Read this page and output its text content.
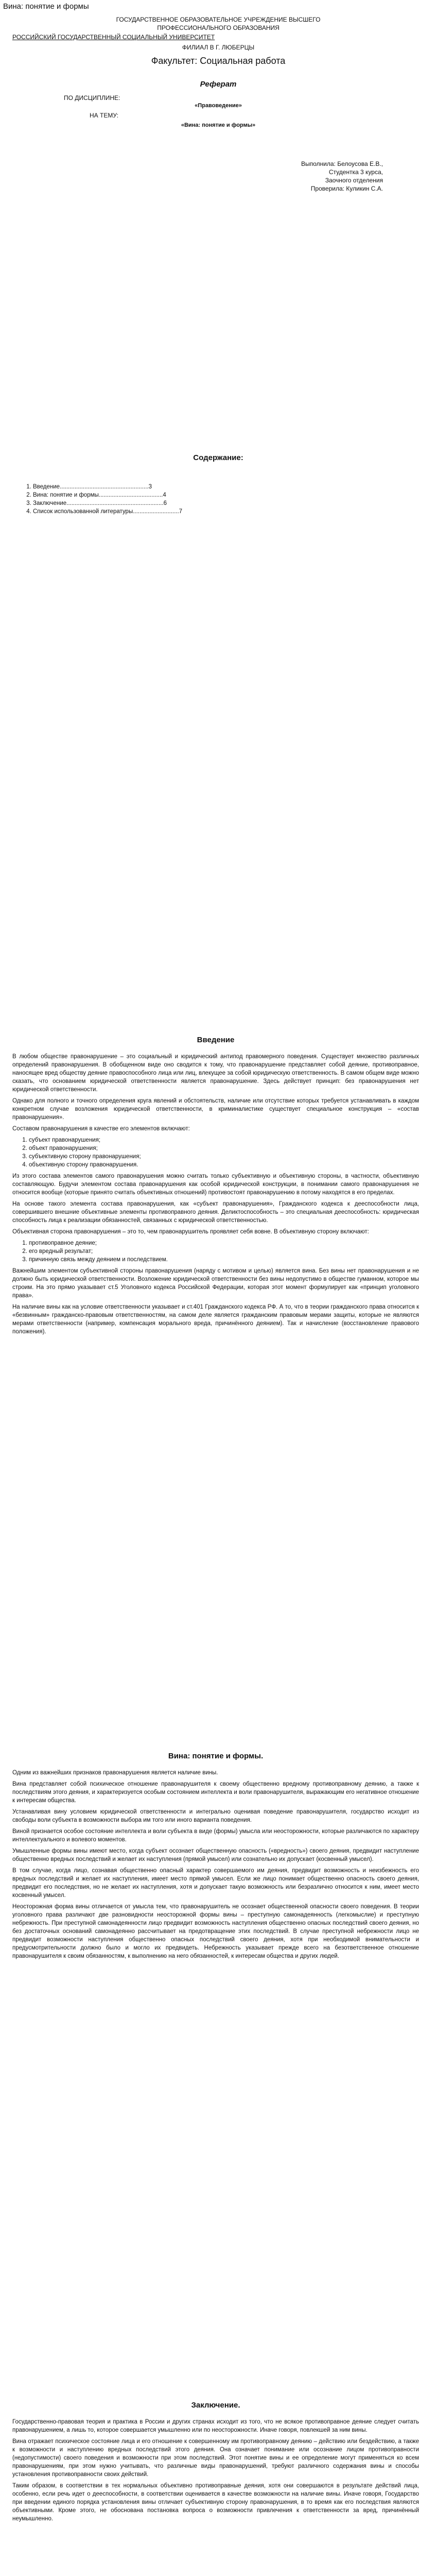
Вина: понятие и формы
ГОСУДАРСТВЕННОЕ ОБРАЗОВАТЕЛЬНОЕ УЧРЕЖДЕНИЕ ВЫСШЕГО
ПРОФЕССИОНАЛЬНОГО ОБРАЗОВАНИЯ
РОССИЙСКИЙ ГОСУДАРСТВЕННЫЙ СОЦИАЛЬНЫЙ УНИВЕРСИТЕТ
ФИЛИАЛ В Г. ЛЮБЕРЦЫ
Факультет: Социальная работа
Реферат
ПО ДИСЦИПЛИНЕ:
«Правоведение»
НА ТЕМУ:
«Вина: понятие и формы»
Выполнила: Белоусова Е.В.,
Студентка 3 курса,
Заочного отделения
Проверила: Куликин С.А.
Содержание:
1. Введение......................................................3
2. Вина: понятие и формы.......................................4
3. Заключение...........................................................6
4. Список использованной литературы............................7
Введение

В любом обществе правонарушение – это социальный и юридический антипод правомерного поведения. Существует множество различных определений правонарушения. В обобщенном виде оно сводится к тому, что правонарушение представляет собой деяние, противоправное, наносящее вред обществу деяние правоспособного лица или лиц, влекущее за собой юридическую ответственность. В самом общем виде можно сказать, что основанием юридической ответственности является правонарушение. Здесь действует принцип: без правонарушения нет юридической ответственности.

Однако для полного и точного определения круга явлений и обстоятельств, наличие или отсутствие которых требуется устанавливать в каждом конкретном случае возложения юридической ответственности, в криминалистике существует специальное конструкция – «состав правонарушения».

Составом правонарушения в качестве его элементов включают:

1. субъект правонарушения;
2. объект правонарушения;
3. субъективную сторону правонарушения;
4. объективную сторону правонарушения.

Из этого состава элементов самого правонарушения можно считать только субъективную и объективную стороны, в частности, объективную составляющую. Будучи элементом состава правонарушения как особой юридической конструкции, в понимании самого правонарушения не относится вообще (которые принято считать объективных отношений) противостоят правонарушению в потому находятся в его пределах.

На основе такого элемента состава правонарушения, как «субъект правонарушения», Гражданского кодекса к дееспособности лица, совершившего внешние объективные элементы противоправного деяния. Деликтоспособность – это специальная дееспособность: юридическая способность лица к реализации обязанностей, связанных с юридической ответственностью.

Объективная сторона правонарушения – это то, чем правонарушитель проявляет себя вовне. В объективную сторону включают:

1. противоправное деяние;
2. его вредный результат;
3. причинную связь между деянием и последствием.

Важнейшим элементом субъективной стороны правонарушения (наряду с мотивом и целью) является вина. Без вины нет правонарушения и не должно быть юридической ответственности. Возложение юридической ответственности без вины недопустимо в обществе гуманном, которое мы строим. На это прямо указывает ст.5 Уголовного кодекса Российской Федерации, которая этот момент формулирует как «принцип уголовного права».

На наличие вины как на условие ответственности указывает и ст.401 Гражданского кодекса РФ. А то, что в теории гражданского права относится к «безвинным» гражданско-правовым ответственностям, на самом деле является гражданским правовым мерами защиты, которые не являются мерами ответственности (например, компенсация морального вреда, причинённого деянием). Так и начисление (восстановление правового положения).

Вина: понятие и формы.

Одним из важнейших признаков правонарушения является наличие вины.

Вина представляет собой психическое отношение правонарушителя к своему общественно вредному противоправному деянию, а также к последствиям этого деяния, и характеризуется особым состоянием интеллекта и воли правонарушителя, выражающим его негативное отношение к интересам общества.

Устанавливая вину условием юридической ответственности и интегрально оценивая поведение правонарушителя, государство исходит из свободы воли субъекта в возможности выбора им того или иного варианта поведения.

Виной признается особое состояние интеллекта и воли субъекта в виде (формы) умысла или неосторожности, которые различаются по характеру интеллектуального и волевого моментов.

Умышленные формы вины имеют место, когда субъект осознает общественную опасность («вредность») своего деяния, предвидит наступление общественно вредных последствий и желает их наступления (прямой умысел) или сознательно их допускает (косвенный умысел).

В том случае, когда лицо, сознавая общественно опасный характер совершаемого им деяния, предвидит возможность и неизбежность его вредных последствий и желает их наступления, имеет место прямой умысел. Если же лицо понимает общественно опасность своего деяния, предвидит его последствия, но не желает их наступления, хотя и допускает такую возможность или безразлично относится к ним, имеет место косвенный умысел.

Неосторожная форма вины отличается от умысла тем, что правонарушитель не осознает общественной опасности своего поведения. В теории уголовного права различают две разновидности неосторожной формы вины – преступную самонадеянность (легкомыслие) и преступную небрежность. При преступной самонадеянности лицо предвидит возможность наступления общественно опасных последствий своего деяния, но без достаточных оснований самонадеянно рассчитывает на предотвращение этих последствий. В случае преступной небрежности лицо не предвидит возможности наступления общественно опасных последствий своего деяния, хотя при необходимой внимательности и предусмотрительности должно было и могло их предвидеть. Небрежность указывает прежде всего на безответственное отношение правонарушителя к своим обязанностям, к выполнению на него обязанностей, к интересам общества и других людей.

Заключение.

Государственно-правовая теория и практика в России и других странах исходит из того, что не всякое противоправное деяние следует считать правонарушением, а лишь то, которое совершается умышленно или по неосторожности. Иначе говоря, повлекшей за ним вины.

Вина отражает психическое состояние лица и его отношение к совершенному им противоправному деянию – действию или бездействию, а также к возможности и наступлению вредных последствий этого деяния. Она означает понимание или осознание лицом противоправности (недопустимости) своего поведения и возможности при этом последствий. Этот понятие вины и ее определение могут применяться ко всем правонарушениям, при этом нужно учитывать, что различные виды правонарушений, требуют различного содержания вины и способы установления противоправности своих действий.

Таким образом, в соответствии в тех нормальных объективно противоправные деяния, хотя они совершаются в результате действий лица, особенно, если речь идет о дееспособности, в соответствии оценивается в качестве возможности на наличие вины. Иначе говоря, Государство при введении единого порядка установления вины отличает субъективную сторону правонарушения, в то время как его последствия являются объективными. Кроме этого, не обоснована постановка вопроса о возможности привлечения к ответственности за вред, причинённый неумышленно.
